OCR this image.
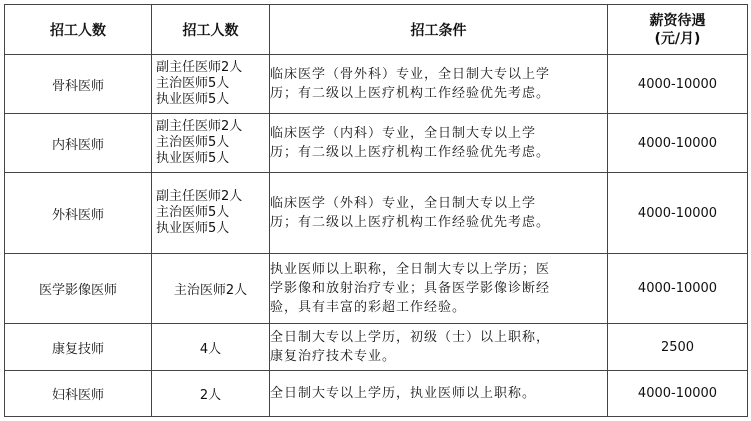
招工人数	招工人数	招工条件	薪资待遇
(元/月)

骨科医师	副主任医师2人
主治医师5人
执业医师5人	临床医学（骨外科）专业，全日制大专以上学
历；有二级以上医疗机构工作经验优先考虑。	4000-10000
内科医师	副主任医师2人
主治医师5人
执业医师5人	临床医学（内科）专业，全日制大专以上学
历；有二级以上医疗机构工作经验优先考虑。	4000-10000
外科医师	副主任医师2人
主治医师5人
执业医师5人	临床医学（外科）专业，全日制大专以上学
历；有二级以上医疗机构工作经验优先考虑。	4000-10000
医学影像医师	主治医师2人	执业医师以上职称，全日制大专以上学历；医
学影像和放射治疗专业；具备医学影像诊断经
验，具有丰富的彩超工作经验。	4000-10000
康复技师	4人	全日制大专以上学历，初级（士）以上职称，
康复治疗技术专业。	2500
妇科医师	2人	全日制大专以上学历，执业医师以上职称。	4000-10000
